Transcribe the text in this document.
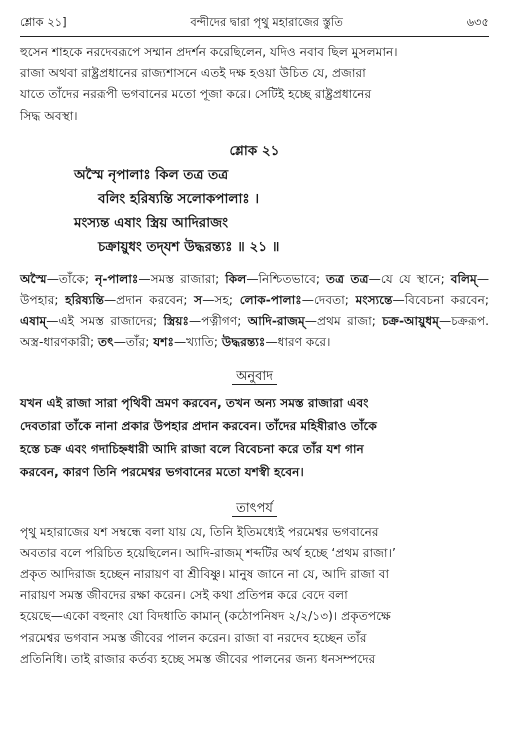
শ্লোক ২১]	বন্দীদের দ্বারা পৃথু মহারাজের স্তুতি	৬৩৫

হুসেন শাহকে নরদেবরূপে সম্মান প্রদর্শন করেছিলেন, যদিও নবাব ছিল মুসলমান।

রাজা অথবা রাষ্ট্রপ্রধানের রাজ্যশাসনে এতই দক্ষ হওয়া উচিত যে, প্রজারা

যাতে তাঁদের নররূপী ভগবানের মতো পূজা করে। সেটিই হচ্ছে রাষ্ট্রপ্রধানের

সিদ্ধ অবস্থা।

শ্লোক ২১
অস্মৈ নৃপালাঃ কিল তত্র তত্র
বলিং হরিষ্যন্তি সলোকপালাঃ ।
মংস্যন্ত এষাং স্ত্রিয় আদিরাজং
চক্রায়ুধং তদ্‌যশ উদ্ধরন্ত্যঃ ॥ ২১ ॥

অস্মৈ—তাঁকে; নৃ-পালাঃ—সমস্ত রাজারা; কিল—নিশ্চিতভাবে; তত্র তত্র—যে যে স্থানে; বলিম্—উপহার; হরিষ্যন্তি—প্রদান করবেন; স—সহ; লোক-পালাঃ—দেবতা; মংস্যন্তে—বিবেচনা করবেন; এষাম্—এই সমস্ত রাজাদের; স্ত্রিয়ঃ—পত্নীগণ; আদি-রাজম্—প্রথম রাজা; চক্র-আয়ুধম্—চক্ররূপ. অস্ত্র-ধারণকারী; তৎ—তাঁর; যশঃ—খ্যাতি; উদ্ধরন্ত্যঃ—ধারণ করে।

অনুবাদ

যখন এই রাজা সারা পৃথিবী ভ্রমণ করবেন, তখন অন্য সমস্ত রাজারা এবং

দেবতারা তাঁকে নানা প্রকার উপহার প্রদান করবেন। তাঁদের মহিষীরাও তাঁকে

হস্তে চক্র এবং গদাচিহ্নধারী আদি রাজা বলে বিবেচনা করে তাঁর যশ গান

করবেন, কারণ তিনি পরমেশ্বর ভগবানের মতো যশস্বী হবেন।

তাৎপর্য

পৃথু মহারাজের যশ সম্বন্ধে বলা যায় যে, তিনি ইতিমধ্যেই পরমেশ্বর ভগবানের

অবতার বলে পরিচিত হয়েছিলেন। আদি-রাজম্ শব্দটির অর্থ হচ্ছে ‘প্রথম রাজা।’

প্রকৃত আদিরাজ হচ্ছেন নারায়ণ বা শ্রীবিষ্ণু। মানুষ জানে না যে, আদি রাজা বা

নারায়ণ সমস্ত জীবদের রক্ষা করেন। সেই কথা প্রতিপন্ন করে বেদে বলা

হয়েছে—একো বহুনাং যো বিদধাতি কামান্ (কঠোপনিষদ ২/২/১৩)। প্রকৃতপক্ষে

পরমেশ্বর ভগবান সমস্ত জীবের পালন করেন। রাজা বা নরদেব হচ্ছেন তাঁর

প্রতিনিধি। তাই রাজার কর্তব্য হচ্ছে সমস্ত জীবের পালনের জন্য ধনসম্পদের
